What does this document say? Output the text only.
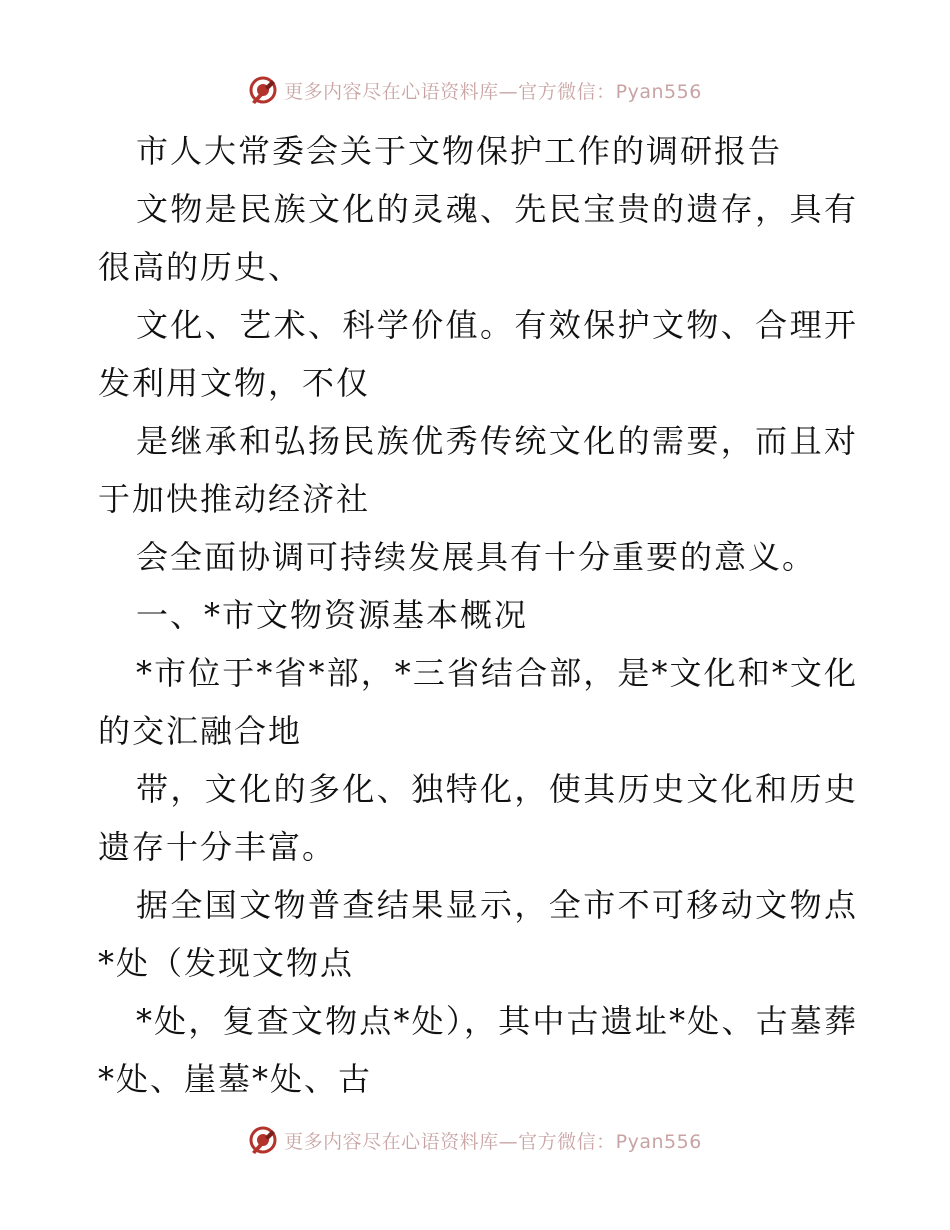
更多内容尽在心语资料库—官方微信：Pyan556

市人大常委会关于文物保护工作的调研报告

文物是民族文化的灵魂、先民宝贵的遗存，具有很高的历史、

文化、艺术、科学价值。有效保护文物、合理开发利用文物，不仅

是继承和弘扬民族优秀传统文化的需要，而且对于加快推动经济社

会全面协调可持续发展具有十分重要的意义。

一、*市文物资源基本概况

*市位于*省*部，*三省结合部，是*文化和*文化的交汇融合地

带，文化的多化、独特化，使其历史文化和历史遗存十分丰富。

据全国文物普查结果显示，全市不可移动文物点*处（发现文物点

*处，复查文物点*处），其中古遗址*处、古墓葬*处、崖墓*处、古

更多内容尽在心语资料库—官方微信：Pyan556
